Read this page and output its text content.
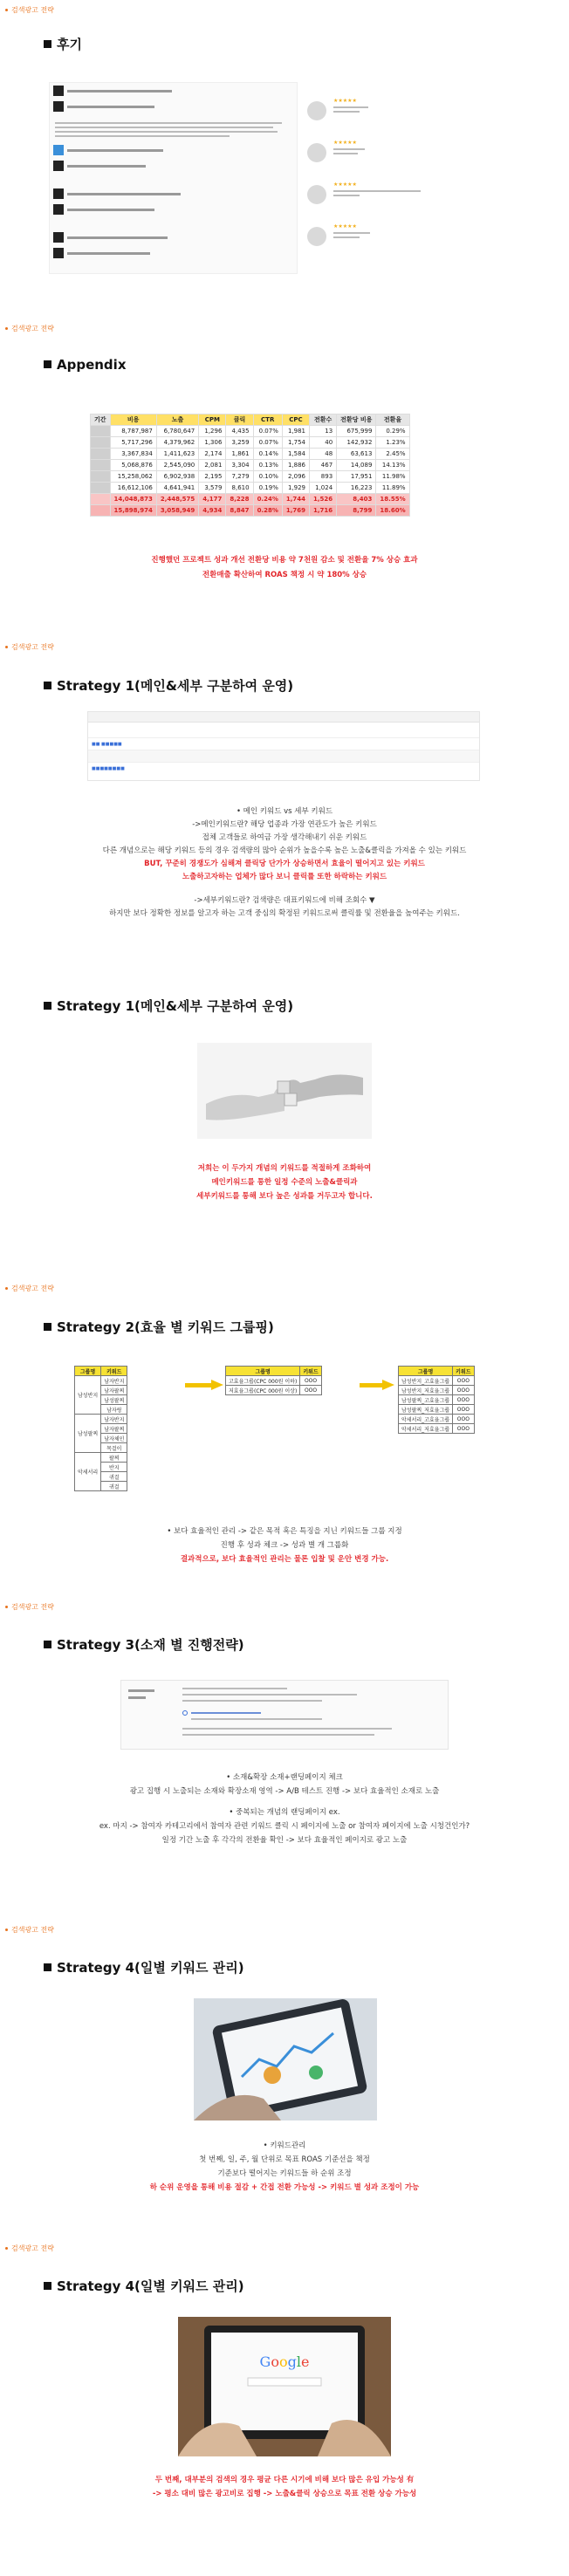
검색광고 전략
후기
★★★★★
★★★★★
★★★★★
★★★★★
검색광고 전략
Appendix
기간	비용	노출	CPM	클릭	CTR	CPC	전환수	전환당 비용	전환율
	8,787,987	6,780,647	1,296	4,435	0.07%	1,981	13	675,999	0.29%
	5,717,296	4,379,962	1,306	3,259	0.07%	1,754	40	142,932	1.23%
	3,367,834	1,411,623	2,174	1,861	0.14%	1,584	48	63,613	2.45%
	5,068,876	2,545,090	2,081	3,304	0.13%	1,886	467	14,089	14.13%
	15,258,062	6,902,938	2,195	7,279	0.10%	2,096	893	17,951	11.98%
	16,612,106	4,641,941	3,579	8,610	0.19%	1,929	1,024	16,223	11.89%
	14,048,873	2,448,575	4,177	8,228	0.24%	1,744	1,526	8,403	18.55%
	15,898,974	3,058,949	4,934	8,847	0.28%	1,769	1,716	8,799	18.60%
진행했던 프로젝트 성과 개선 전환당 비용 약 7천원 감소 및 전환율 7% 상승 효과
전환매출 확산하여 ROAS 책정 시 약 180% 상승
검색광고 전략
Strategy 1(메인&세부 구분하여 운영)
■■ ■■■■■
■■■■■■■■
• 메인 키워드 vs 세부 키워드
->메인키워드란? 해당 업종과 가장 연관도가 높은 키워드
접체 고객들로 하여금 가장 생각해내기 쉬운 키워드
다른 개념으로는 해당 키워드 등의 경우 검색량의 많아 순위가 높을수록 높은 노출&클릭을 가져올 수 있는 키워드
BUT, 꾸준히 경쟁도가 심해져 클릭당 단가가 상승하면서 효율이 떨어지고 있는 키워드
노출하고자하는 업체가 많다 보니 클릭률 또한 하락하는 키워드
->세부키워드란? 검색량은 대표키워드에 비해 조회수 ▼
하지만 보다 정확한 정보를 알고자 하는 고객 중심의 확정된 키워드로써 클릭률 및 전환율을 높여주는 키워드.
Strategy 1(메인&세부 구분하여 운영)
저희는 이 두가지 개념의 키워드를 적절하게 조화하여
메인키워드를 통한 일정 수준의 노출&클릭과
세부키워드를 통해 보다 높은 성과를 거두고자 합니다.
검색광고 전략
Strategy 2(효율 별 키워드 그룹핑)
그룹명	키워드
남성반지	남자반지
	남자팔찌
	남성팔찌
	남자링
남성팔찌	남자반지
	남자팔찌
	남자체인
	목걸이
악세서리	팔찌
	반지
	귀걸
	귀걸
그룹명	키워드
고효율그룹(CPC 000원 이하)	OOO
저효율그룹(CPC 000원 이상)	OOO
그룹명	키워드
남성반지_고효율그룹	OOO
남성반지_저효율그룹	OOO
남성팔찌_고효율그룹	OOO
남성팔찌_저효율그룹	OOO
악세서리_고효율그룹	OOO
악세서리_저효율그룹	OOO
• 보다 효율적인 관리 -> 같은 목적 혹은 특징을 지닌 키워드들 그룹 지정
진행 후 성과 체크 -> 성과 별 개 그룹화
결과적으로, 보다 효율적인 관리는 물론 입찰 및 운안 변경 가능.
검색광고 전략
Strategy 3(소재 별 진행전략)
• 소재&확장 소재+랜딩페이지 체크
광고 집행 시 노출되는 소재와 확장소재 영역 -> A/B 테스트 진행 -> 보다 효율적인 소재로 노출
• 중복되는 개념의 랜딩페이지 ex.
ex. 마지 -> 참여자 카테고리에서 참여자 관련 키워드 클릭 시 페이지에 노출 or 참여자 페이지에 노출 시청건인가?
일정 기간 노출 후 각각의 전환율 확인 -> 보다 효율적인 페이지로 광고 노출
검색광고 전략
Strategy 4(일별 키워드 관리)
• 키워드관리
첫 번째, 일, 주, 월 단위로 목표 ROAS 기준선을 책정
기준보다 떨어지는 키워드들 하 순위 조정
하 순위 운영을 통해 비용 절감 + 간접 전환 가능성 -> 키워드 별 성과 조정이 가능
검색광고 전략
Strategy 4(일별 키워드 관리)
Google
두 번째, 대부분의 검색의 경우 평균 다른 시기에 비해 보다 많은 유입 가능성 有
-> 평소 대비 많은 광고비로 집행 -> 노출&클릭 상승으로 목표 전환 상승 가능성
